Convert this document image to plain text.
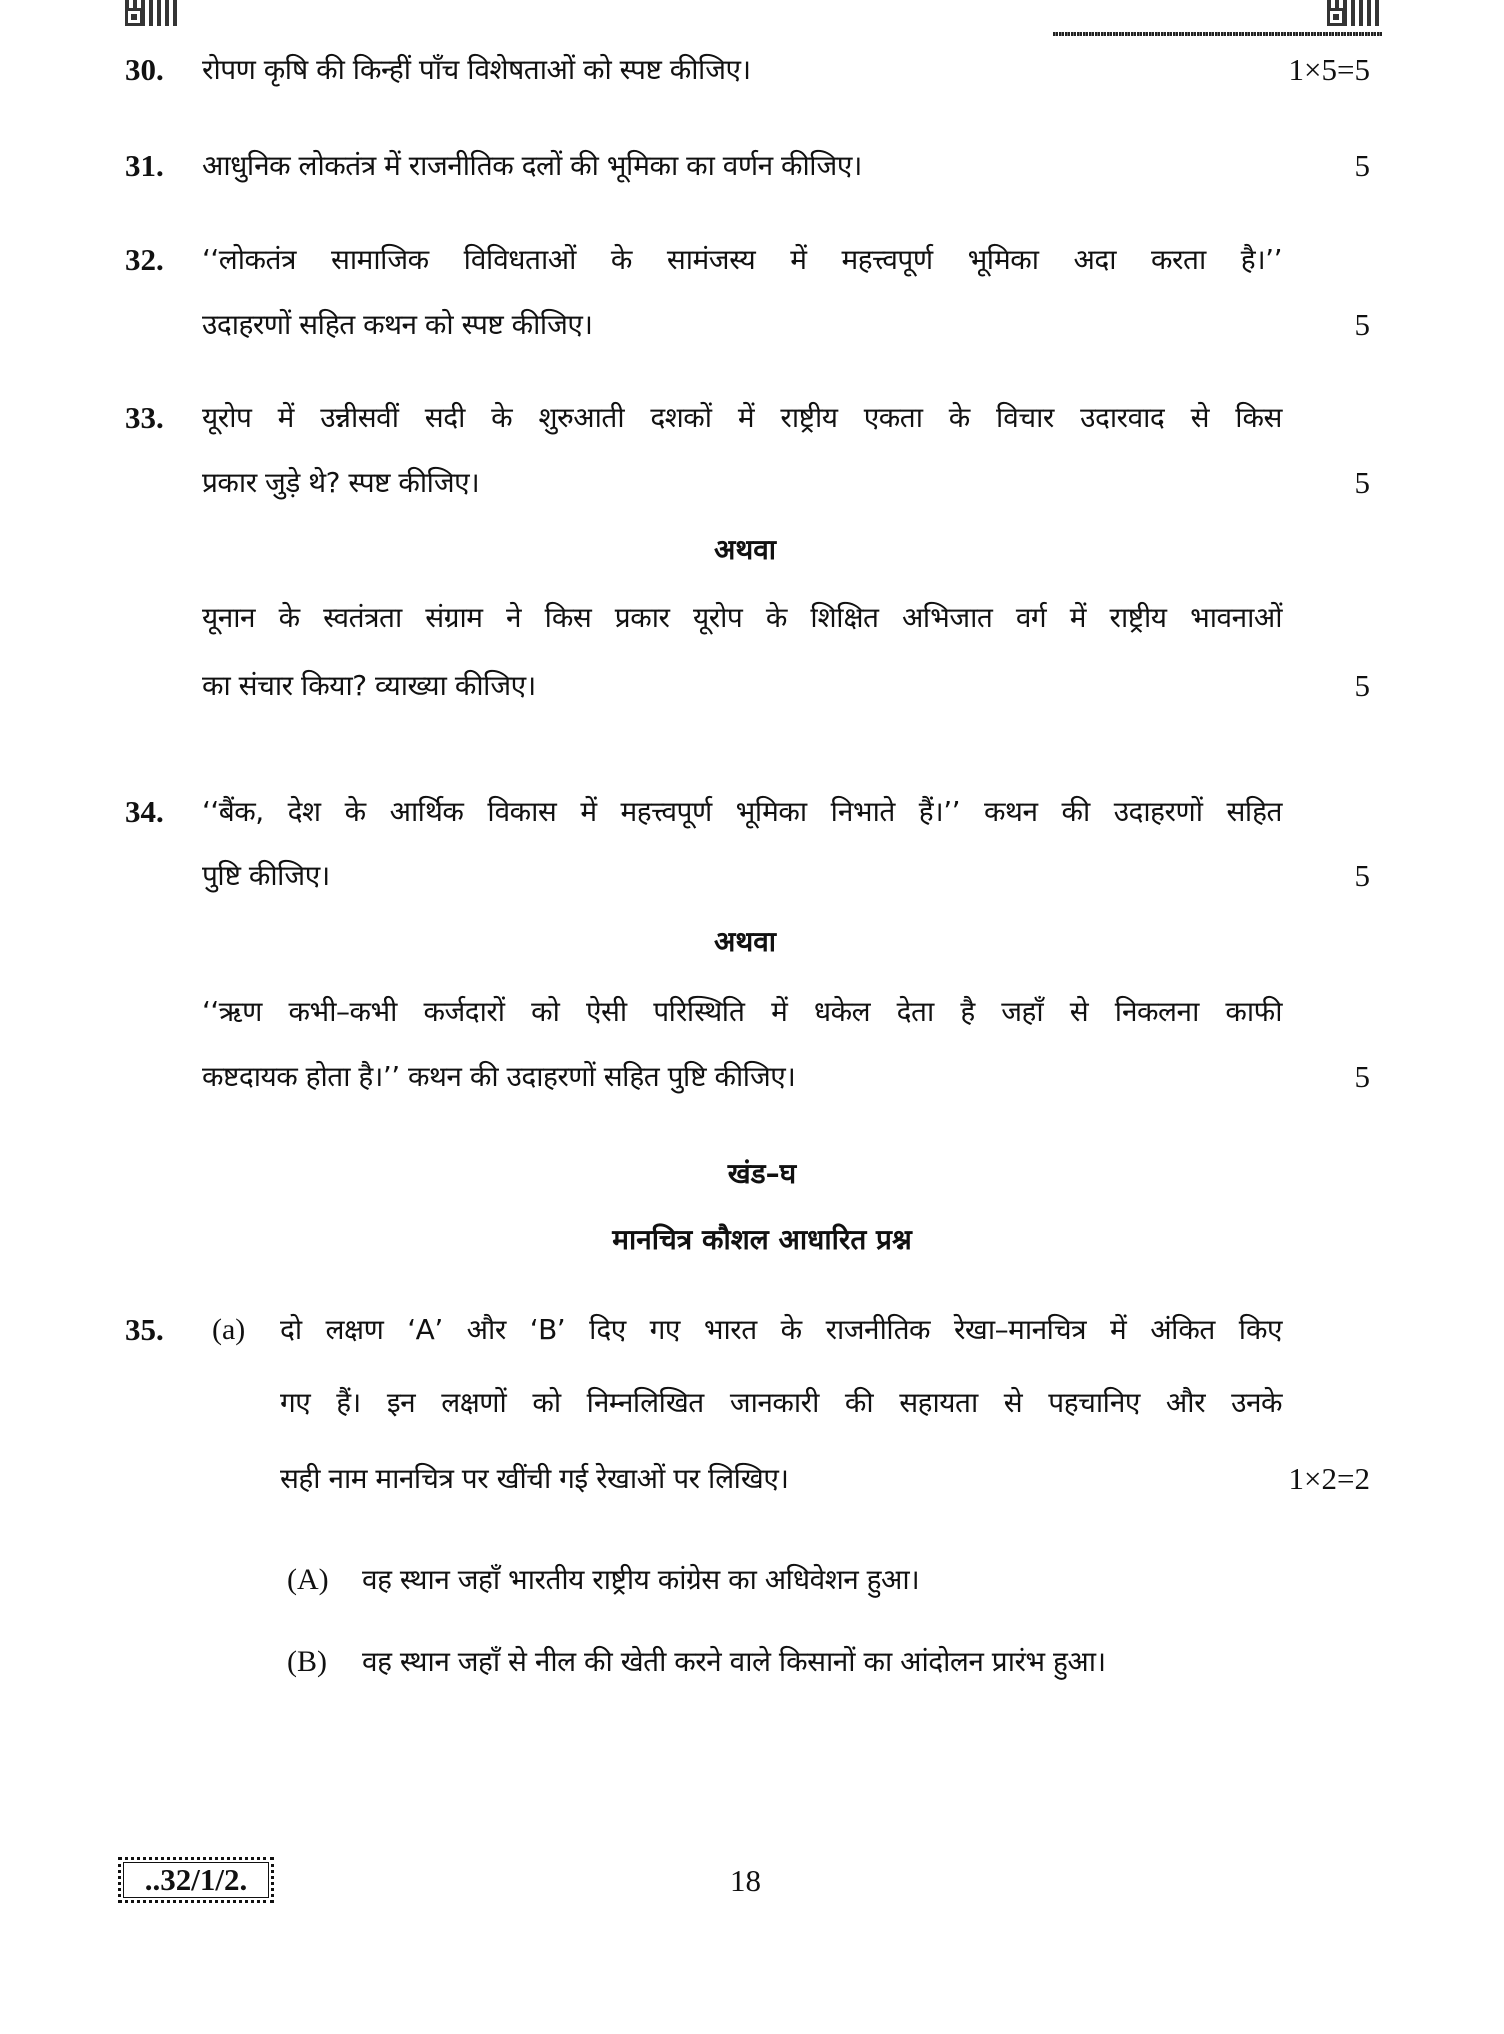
30. रोपण कृषि की किन्हीं पाँच विशेषताओं को स्पष्ट कीजिए।	1×5=5
31. आधुनिक लोकतंत्र में राजनीतिक दलों की भूमिका का वर्णन कीजिए।	5
32. ‘‘लोकतंत्र सामाजिक विविधताओं के सामंजस्य में महत्त्वपूर्ण भूमिका अदा करता है।’’
उदाहरणों सहित कथन को स्पष्ट कीजिए।	5
33. यूरोप में उन्नीसवीं सदी के शुरुआती दशकों में राष्ट्रीय एकता के विचार उदारवाद से किस
प्रकार जुड़े थे? स्पष्ट कीजिए।	5
अथवा
यूनान के स्वतंत्रता संग्राम ने किस प्रकार यूरोप के शिक्षित अभिजात वर्ग में राष्ट्रीय भावनाओं
का संचार किया? व्याख्या कीजिए।	5
34. ‘‘बैंक, देश के आर्थिक विकास में महत्त्वपूर्ण भूमिका निभाते हैं।’’ कथन की उदाहरणों सहित
पुष्टि कीजिए।	5
अथवा
‘‘ऋण कभी–कभी कर्जदारों को ऐसी परिस्थिति में धकेल देता है जहाँ से निकलना काफी
कष्टदायक होता है।’’ कथन की उदाहरणों सहित पुष्टि कीजिए।	5
खंड–घ
मानचित्र कौशल आधारित प्रश्न
35. (a) दो लक्षण ‘A’ और ‘B’ दिए गए भारत के राजनीतिक रेखा–मानचित्र में अंकित किए
गए हैं। इन लक्षणों को निम्नलिखित जानकारी की सहायता से पहचानिए और उनके
सही नाम मानचित्र पर खींची गई रेखाओं पर लिखिए।	1×2=2
(A) वह स्थान जहाँ भारतीय राष्ट्रीय कांग्रेस का अधिवेशन हुआ।
(B) वह स्थान जहाँ से नील की खेती करने वाले किसानों का आंदोलन प्रारंभ हुआ।
..32/1/2.	18
